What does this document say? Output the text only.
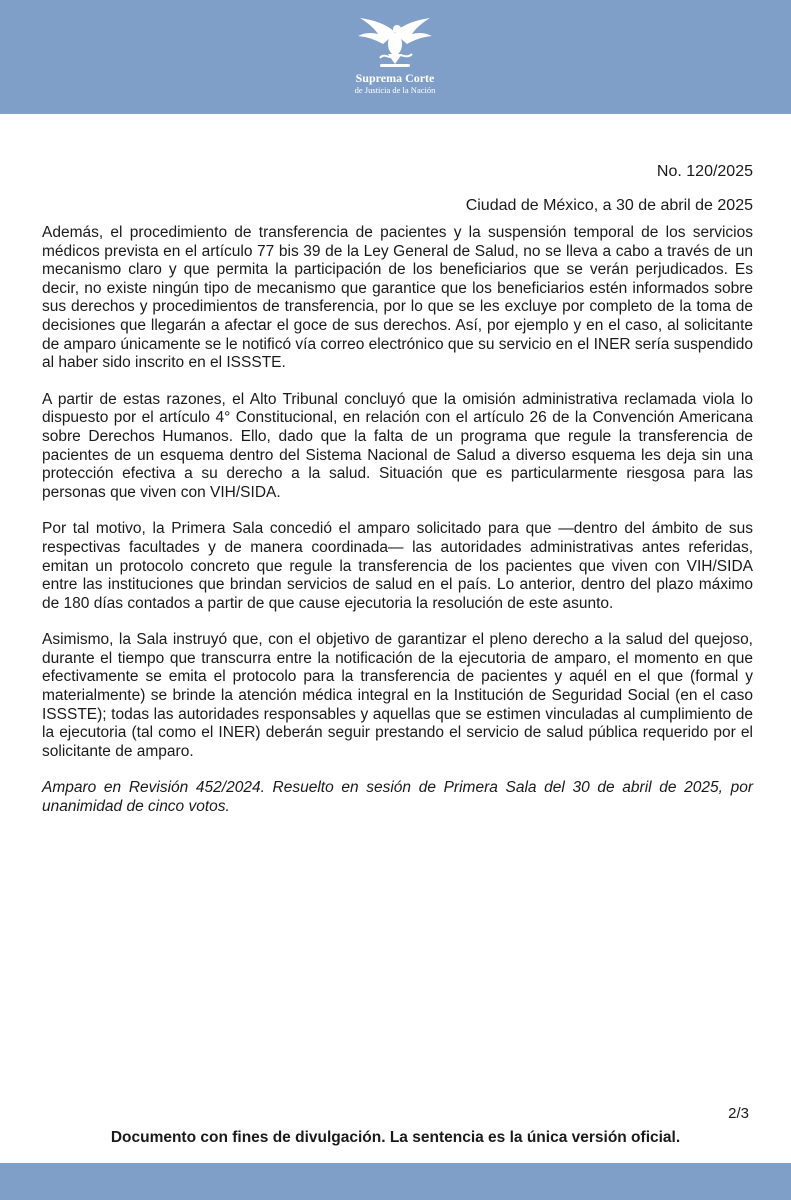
Suprema Corte
de Justicia de la Nación

No. 120/2025

Ciudad de México, a 30 de abril de 2025

Además, el procedimiento de transferencia de pacientes y la suspensión temporal de los servicios médicos prevista en el artículo 77 bis 39 de la Ley General de Salud, no se lleva a cabo a través de un mecanismo claro y que permita la participación de los beneficiarios que se verán perjudicados. Es decir, no existe ningún tipo de mecanismo que garantice que los beneficiarios estén informados sobre sus derechos y procedimientos de transferencia, por lo que se les excluye por completo de la toma de decisiones que llegarán a afectar el goce de sus derechos. Así, por ejemplo y en el caso, al solicitante de amparo únicamente se le notificó vía correo electrónico que su servicio en el INER sería suspendido al haber sido inscrito en el ISSSTE.

A partir de estas razones, el Alto Tribunal concluyó que la omisión administrativa reclamada viola lo dispuesto por el artículo 4° Constitucional, en relación con el artículo 26 de la Convención Americana sobre Derechos Humanos. Ello, dado que la falta de un programa que regule la transferencia de pacientes de un esquema dentro del Sistema Nacional de Salud a diverso esquema les deja sin una protección efectiva a su derecho a la salud. Situación que es particularmente riesgosa para las personas que viven con VIH/SIDA.

Por tal motivo, la Primera Sala concedió el amparo solicitado para que —dentro del ámbito de sus respectivas facultades y de manera coordinada— las autoridades administrativas antes referidas, emitan un protocolo concreto que regule la transferencia de los pacientes que viven con VIH/SIDA entre las instituciones que brindan servicios de salud en el país. Lo anterior, dentro del plazo máximo de 180 días contados a partir de que cause ejecutoria la resolución de este asunto.

Asimismo, la Sala instruyó que, con el objetivo de garantizar el pleno derecho a la salud del quejoso, durante el tiempo que transcurra entre la notificación de la ejecutoria de amparo, el momento en que efectivamente se emita el protocolo para la transferencia de pacientes y aquél en el que (formal y materialmente) se brinde la atención médica integral en la Institución de Seguridad Social (en el caso ISSSTE); todas las autoridades responsables y aquellas que se estimen vinculadas al cumplimiento de la ejecutoria (tal como el INER) deberán seguir prestando el servicio de salud pública requerido por el solicitante de amparo.

Amparo en Revisión 452/2024. Resuelto en sesión de Primera Sala del 30 de abril de 2025, por unanimidad de cinco votos.

2/3
Documento con fines de divulgación. La sentencia es la única versión oficial.
